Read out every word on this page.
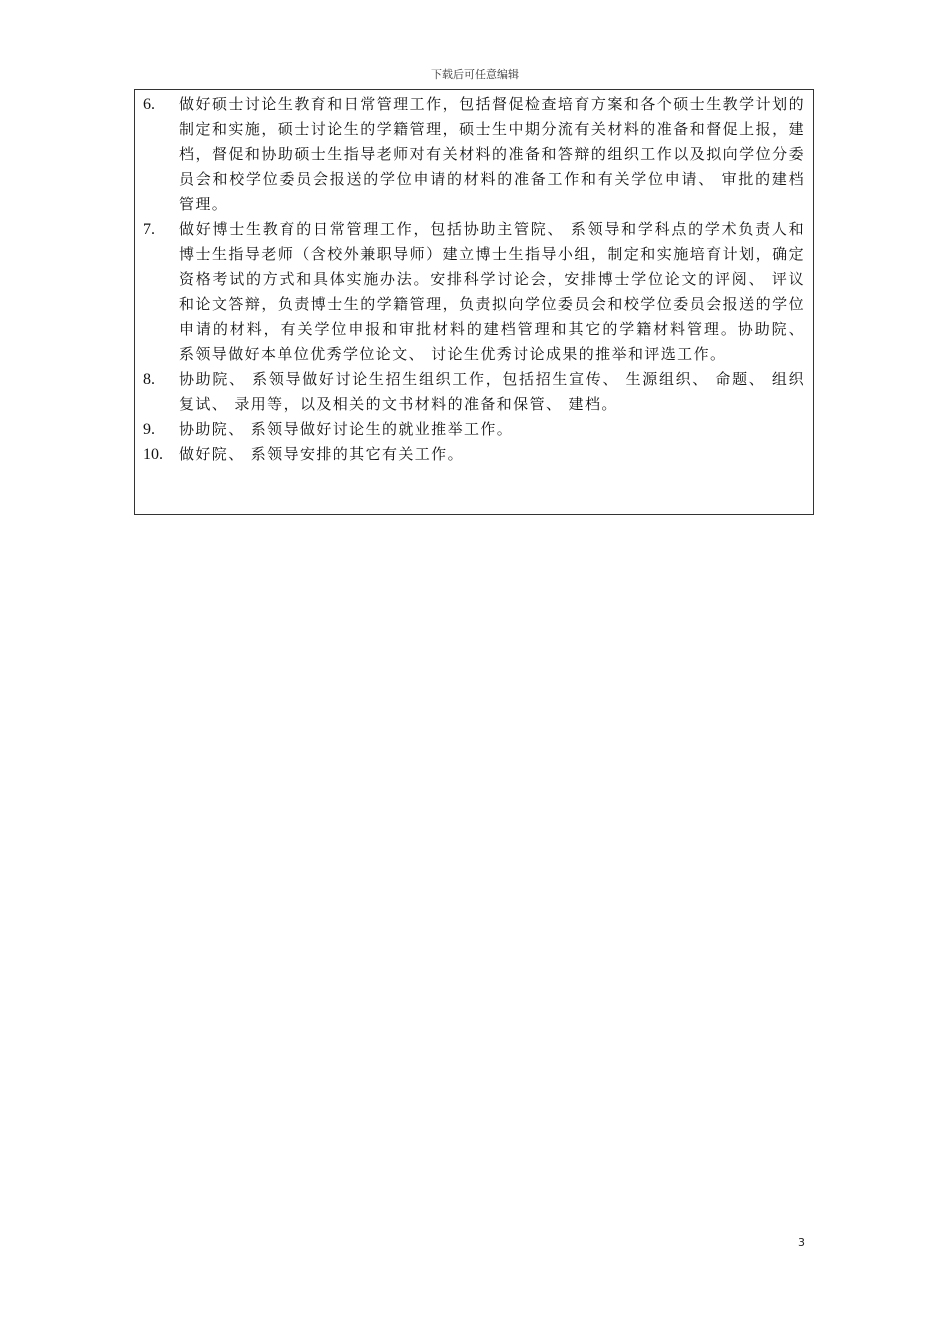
下载后可任意编辑
6.	做好硕士讨论生教育和日常管理工作，包括督促检查培育方案和各个硕士生教学计划的制定和实施，硕士讨论生的学籍管理，硕士生中期分流有关材料的准备和督促上报，建档，督促和协助硕士生指导老师对有关材料的准备和答辩的组织工作以及拟向学位分委员会和校学位委员会报送的学位申请的材料的准备工作和有关学位申请、 审批的建档管理。
7.	做好博士生教育的日常管理工作，包括协助主管院、 系领导和学科点的学术负责人和博士生指导老师（含校外兼职导师）建立博士生指导小组，制定和实施培育计划，确定资格考试的方式和具体实施办法。安排科学讨论会，安排博士学位论文的评阅、 评议和论文答辩，负责博士生的学籍管理，负责拟向学位委员会和校学位委员会报送的学位申请的材料，有关学位申报和审批材料的建档管理和其它的学籍材料管理。协助院、 系领导做好本单位优秀学位论文、 讨论生优秀讨论成果的推举和评选工作。
8.	协助院、 系领导做好讨论生招生组织工作，包括招生宣传、 生源组织、 命题、 组织复试、 录用等，以及相关的文书材料的准备和保管、 建档。
9.	协助院、 系领导做好讨论生的就业推举工作。
10.	做好院、 系领导安排的其它有关工作。
3
